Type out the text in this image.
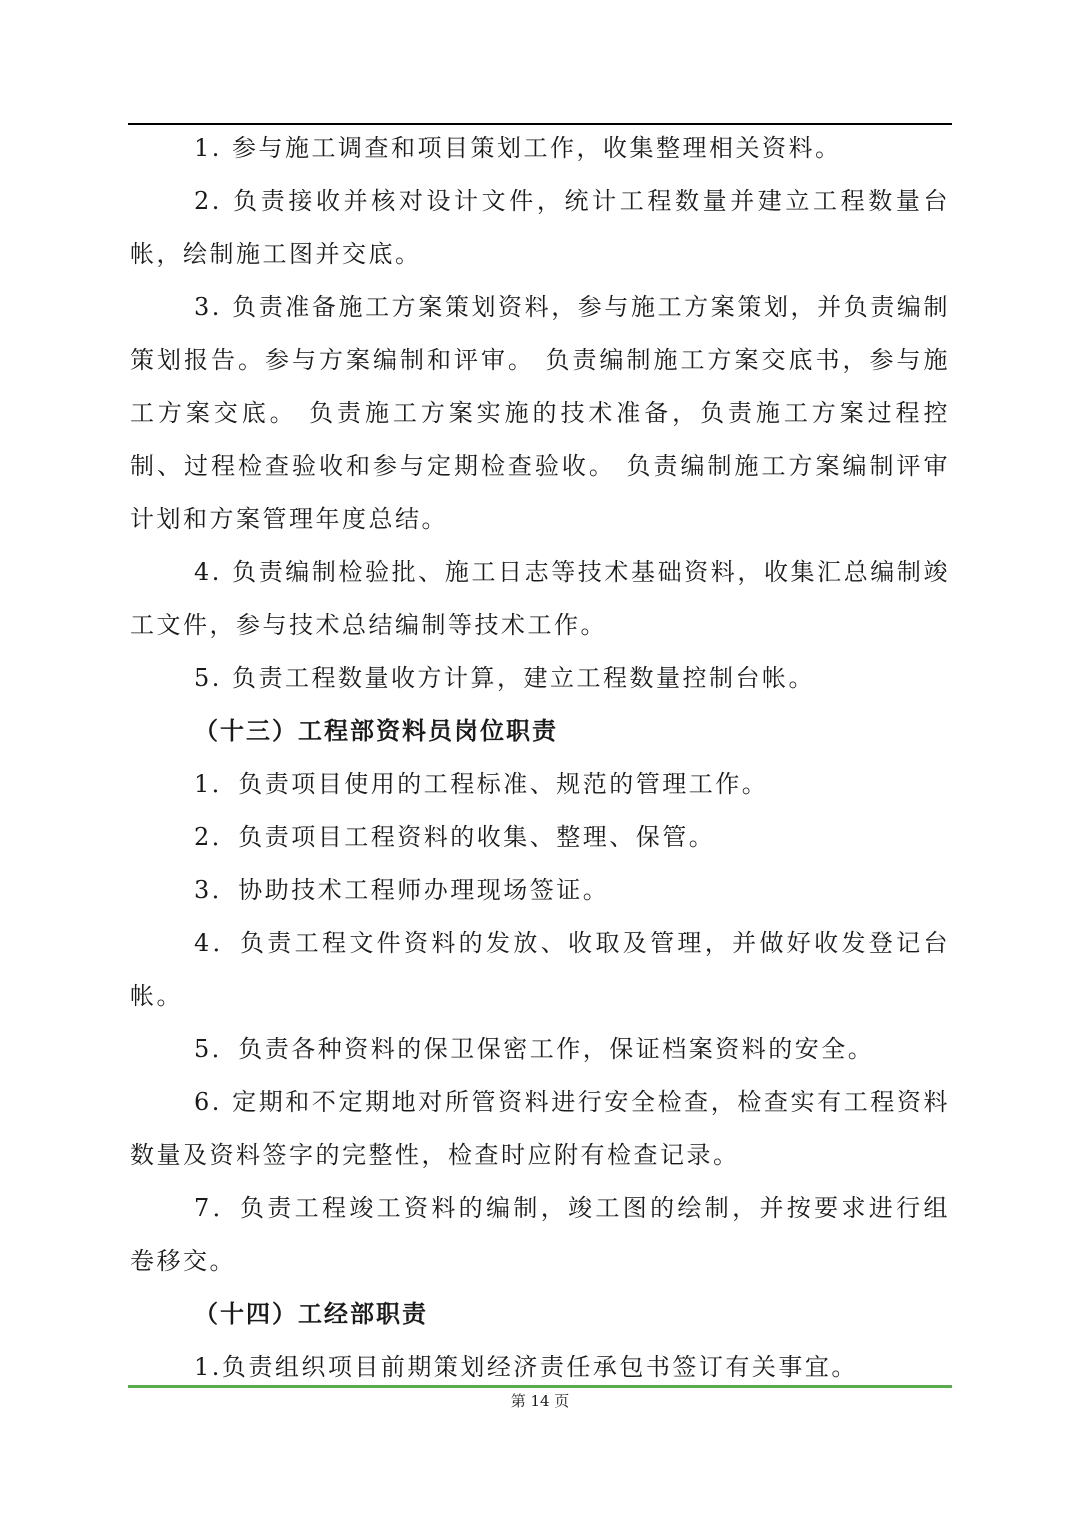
1. 参与施工调查和项目策划工作，收集整理相关资料。

2. 负责接收并核对设计文件，统计工程数量并建立工程数量台帐，绘制施工图并交底。

3. 负责准备施工方案策划资料，参与施工方案策划，并负责编制策划报告。参与方案编制和评审。 负责编制施工方案交底书，参与施工方案交底。 负责施工方案实施的技术准备，负责施工方案过程控制、过程检查验收和参与定期检查验收。 负责编制施工方案编制评审计划和方案管理年度总结。

4. 负责编制检验批、施工日志等技术基础资料，收集汇总编制竣工文件，参与技术总结编制等技术工作。

5. 负责工程数量收方计算，建立工程数量控制台帐。

（十三）工程部资料员岗位职责

1．负责项目使用的工程标准、规范的管理工作。

2．负责项目工程资料的收集、整理、保管。

3．协助技术工程师办理现场签证。

4．负责工程文件资料的发放、收取及管理，并做好收发登记台帐。

5．负责各种资料的保卫保密工作，保证档案资料的安全。

6. 定期和不定期地对所管资料进行安全检查，检查实有工程资料数量及资料签字的完整性，检查时应附有检查记录。

7．负责工程竣工资料的编制，竣工图的绘制，并按要求进行组卷移交。

（十四）工经部职责

1.负责组织项目前期策划经济责任承包书签订有关事宜。

第 14 页
